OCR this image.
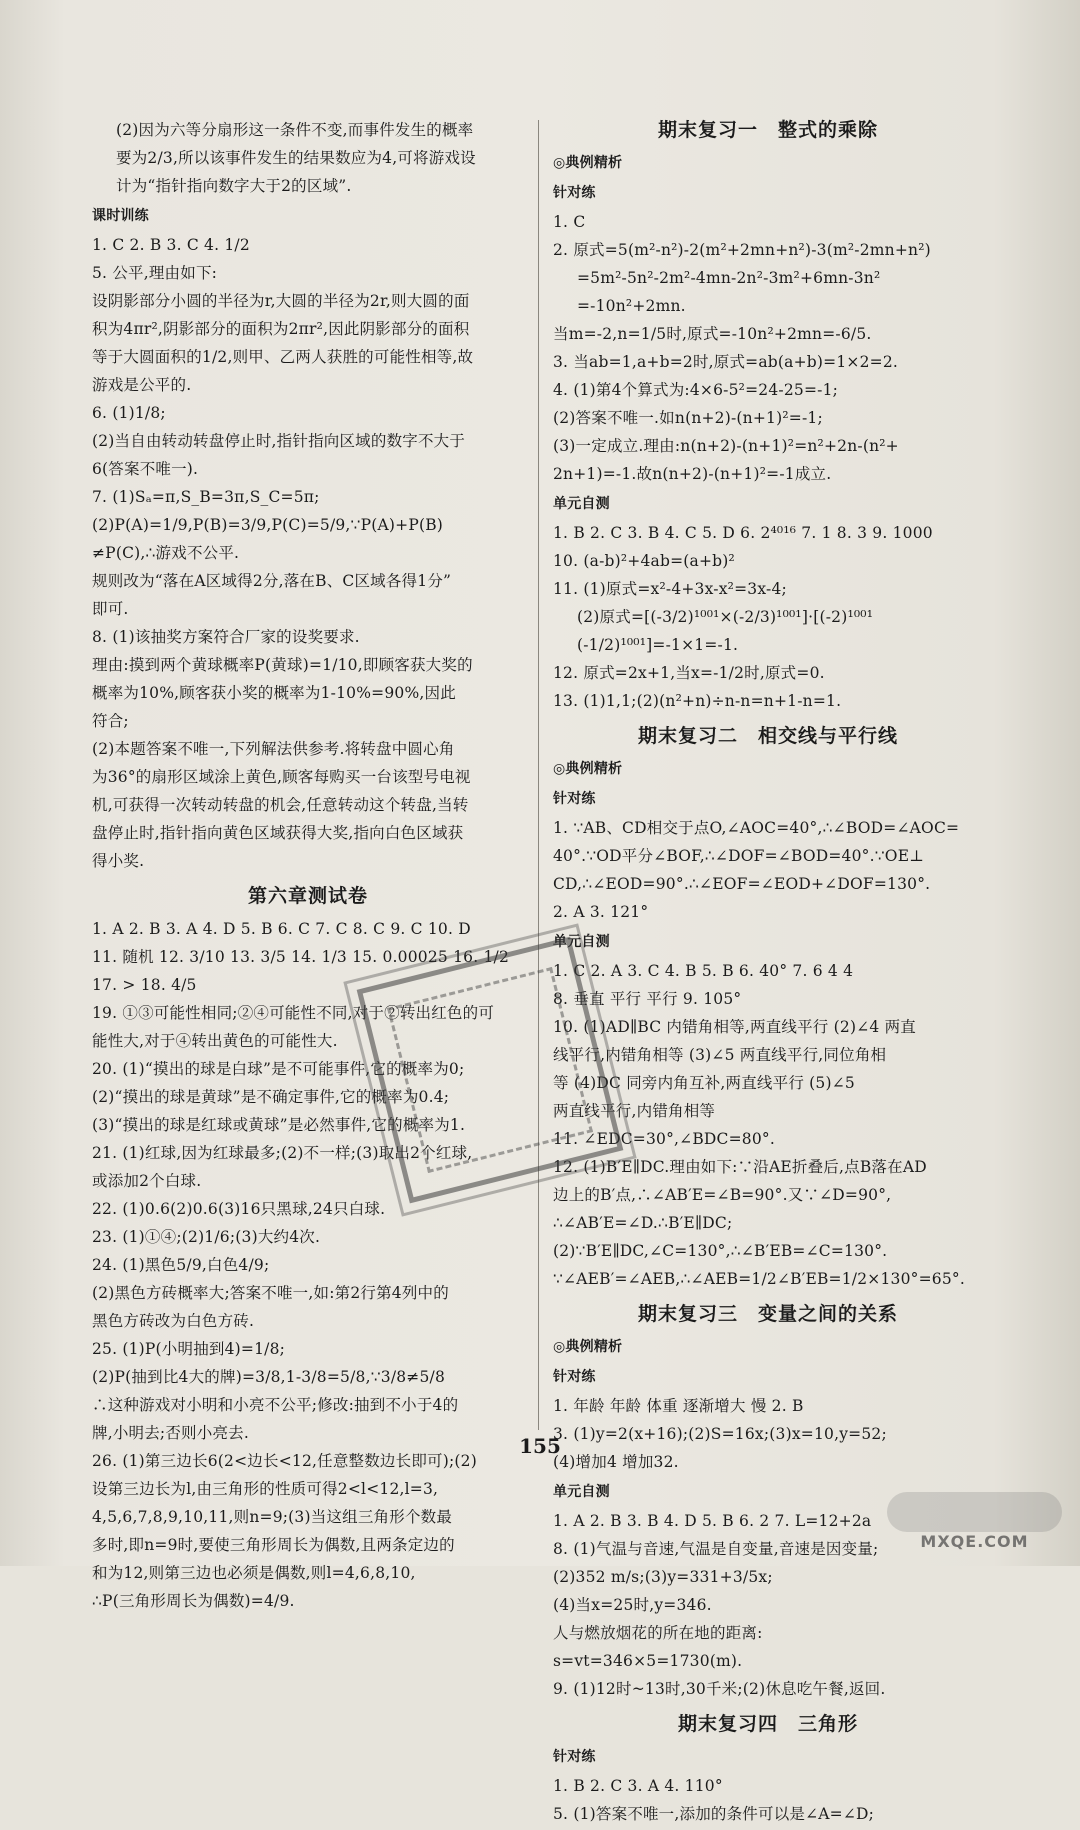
(2)因为六等分扇形这一条件不变,而事件发生的概率
要为2/3,所以该事件发生的结果数应为4,可将游戏设
计为“指针指向数字大于2的区域”.
课时训练
1. C 2. B 3. C 4. 1/2
5. 公平,理由如下:
设阴影部分小圆的半径为r,大圆的半径为2r,则大圆的面
积为4πr²,阴影部分的面积为2πr²,因此阴影部分的面积
等于大圆面积的1/2,则甲、乙两人获胜的可能性相等,故
游戏是公平的.
6. (1)1/8;
(2)当自由转动转盘停止时,指针指向区域的数字不大于
6(答案不唯一).
7. (1)Sₐ=π,S_B=3π,S_C=5π;
(2)P(A)=1/9,P(B)=3/9,P(C)=5/9,∵P(A)+P(B)
≠P(C),∴游戏不公平.
规则改为“落在A区域得2分,落在B、C区域各得1分”
即可.
8. (1)该抽奖方案符合厂家的设奖要求.
理由:摸到两个黄球概率P(黄球)=1/10,即顾客获大奖的
概率为10%,顾客获小奖的概率为1-10%=90%,因此
符合;
(2)本题答案不唯一,下列解法供参考.将转盘中圆心角
为36°的扇形区域涂上黄色,顾客每购买一台该型号电视
机,可获得一次转动转盘的机会,任意转动这个转盘,当转
盘停止时,指针指向黄色区域获得大奖,指向白色区域获
得小奖.
第六章测试卷
1. A 2. B 3. A 4. D 5. B 6. C 7. C 8. C 9. C 10. D
11. 随机 12. 3/10 13. 3/5 14. 1/3 15. 0.00025 16. 1/2
17. > 18. 4/5
19. ①③可能性相同;②④可能性不同,对于②转出红色的可
能性大,对于④转出黄色的可能性大.
20. (1)“摸出的球是白球”是不可能事件,它的概率为0;
(2)“摸出的球是黄球”是不确定事件,它的概率为0.4;
(3)“摸出的球是红球或黄球”是必然事件,它的概率为1.
21. (1)红球,因为红球最多;(2)不一样;(3)取出2个红球,
或添加2个白球.
22. (1)0.6(2)0.6(3)16只黑球,24只白球.
23. (1)①④;(2)1/6;(3)大约4次.
24. (1)黑色5/9,白色4/9;
(2)黑色方砖概率大;答案不唯一,如:第2行第4列中的
黑色方砖改为白色方砖.
25. (1)P(小明抽到4)=1/8;
(2)P(抽到比4大的牌)=3/8,1-3/8=5/8,∵3/8≠5/8
∴这种游戏对小明和小亮不公平;修改:抽到不小于4的
牌,小明去;否则小亮去.
26. (1)第三边长6(2<边长<12,任意整数边长即可);(2)
设第三边长为l,由三角形的性质可得2<l<12,l=3,
4,5,6,7,8,9,10,11,则n=9;(3)当这组三角形个数最
多时,即n=9时,要使三角形周长为偶数,且两条定边的
和为12,则第三边也必须是偶数,则l=4,6,8,10,
∴P(三角形周长为偶数)=4/9.
期末复习一　整式的乘除
◎典例精析
针对练
1. C
2. 原式=5(m²-n²)-2(m²+2mn+n²)-3(m²-2mn+n²)
=5m²-5n²-2m²-4mn-2n²-3m²+6mn-3n²
=-10n²+2mn.
当m=-2,n=1/5时,原式=-10n²+2mn=-6/5.
3. 当ab=1,a+b=2时,原式=ab(a+b)=1×2=2.
4. (1)第4个算式为:4×6-5²=24-25=-1;
(2)答案不唯一.如n(n+2)-(n+1)²=-1;
(3)一定成立.理由:n(n+2)-(n+1)²=n²+2n-(n²+
2n+1)=-1.故n(n+2)-(n+1)²=-1成立.
单元自测
1. B 2. C 3. B 4. C 5. D 6. 2⁴⁰¹⁶ 7. 1 8. 3 9. 1000
10. (a-b)²+4ab=(a+b)²
11. (1)原式=x²-4+3x-x²=3x-4;
(2)原式=[(-3/2)¹⁰⁰¹×(-2/3)¹⁰⁰¹]·[(-2)¹⁰⁰¹
(-1/2)¹⁰⁰¹]=-1×1=-1.
12. 原式=2x+1,当x=-1/2时,原式=0.
13. (1)1,1;(2)(n²+n)÷n-n=n+1-n=1.
期末复习二　相交线与平行线
◎典例精析
针对练
1. ∵AB、CD相交于点O,∠AOC=40°,∴∠BOD=∠AOC=
40°.∵OD平分∠BOF,∴∠DOF=∠BOD=40°.∵OE⊥
CD,∴∠EOD=90°.∴∠EOF=∠EOD+∠DOF=130°.
2. A 3. 121°
单元自测
1. C 2. A 3. C 4. B 5. B 6. 40° 7. 6 4 4
8. 垂直 平行 平行 9. 105°
10. (1)AD∥BC 内错角相等,两直线平行 (2)∠4 两直
线平行,内错角相等 (3)∠5 两直线平行,同位角相
等 (4)DC 同旁内角互补,两直线平行 (5)∠5
两直线平行,内错角相等
11. ∠EDC=30°,∠BDC=80°.
12. (1)B′E∥DC.理由如下:∵沿AE折叠后,点B落在AD
边上的B′点,∴∠AB′E=∠B=90°.又∵∠D=90°,
∴∠AB′E=∠D.∴B′E∥DC;
(2)∵B′E∥DC,∠C=130°,∴∠B′EB=∠C=130°.
∵∠AEB′=∠AEB,∴∠AEB=1/2∠B′EB=1/2×130°=65°.
期末复习三　变量之间的关系
◎典例精析
针对练
1. 年龄 年龄 体重 逐渐增大 慢 2. B
3. (1)y=2(x+16);(2)S=16x;(3)x=10,y=52;
(4)增加4 增加32.
单元自测
1. A 2. B 3. B 4. D 5. B 6. 2 7. L=12+2a
8. (1)气温与音速,气温是自变量,音速是因变量;
(2)352 m/s;(3)y=331+3/5x;
(4)当x=25时,y=346.
人与燃放烟花的所在地的距离:
s=vt=346×5=1730(m).
9. (1)12时~13时,30千米;(2)休息吃午餐,返回.
期末复习四　三角形
针对练
1. B 2. C 3. A 4. 110°
5. (1)答案不唯一,添加的条件可以是∠A=∠D;
155
MXQE.COM
